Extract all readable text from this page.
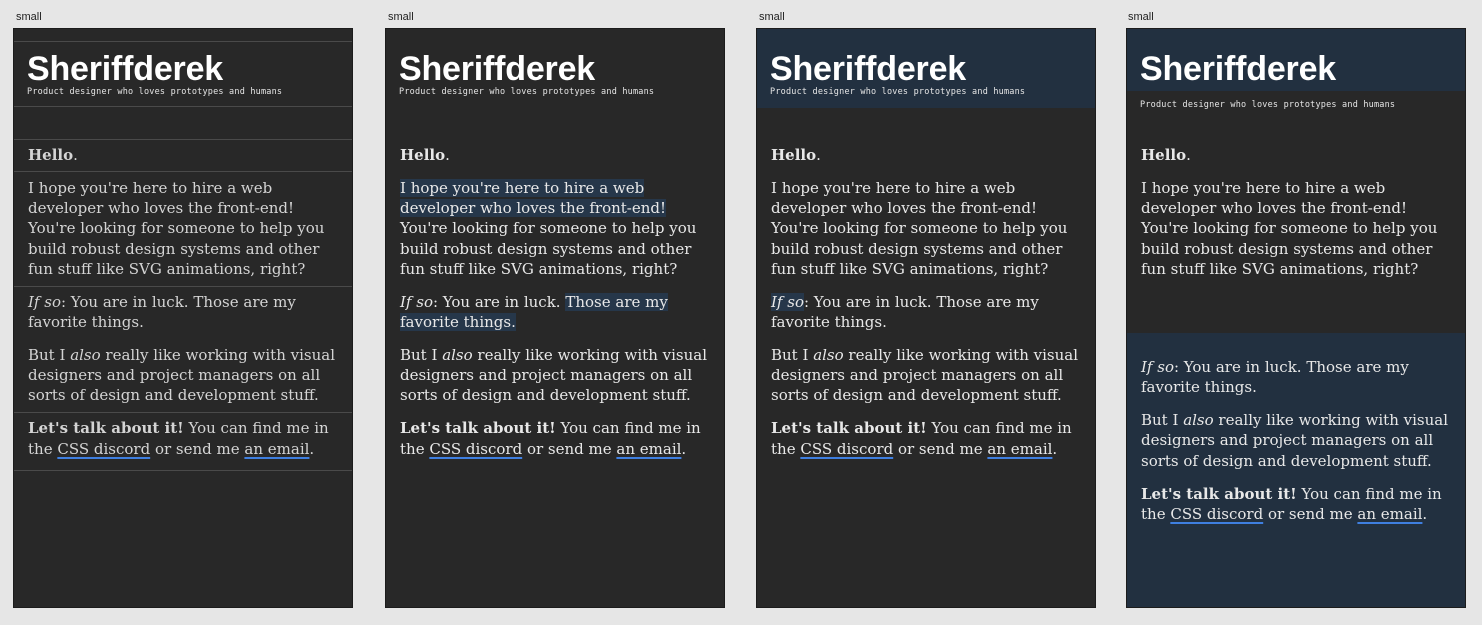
small	small	small	small
Sheriffderek
Product designer who loves prototypes and humans

Hello.

I hope you're here to hire a web developer who loves the front-end! You're looking for someone to help you build robust design systems and other fun stuff like SVG animations, right?

If so: You are in luck. Those are my favorite things.

But I also really like working with visual designers and project managers on all sorts of design and development stuff.

Let's talk about it! You can find me in the CSS discord or send me an email.

Sheriffderek
Product designer who loves prototypes and humans

Hello.

I hope you're here to hire a web developer who loves the front-end! You're looking for someone to help you build robust design systems and other fun stuff like SVG animations, right?

If so: You are in luck. Those are my favorite things.

But I also really like working with visual designers and project managers on all sorts of design and development stuff.

Let's talk about it! You can find me in the CSS discord or send me an email.

Sheriffderek
Product designer who loves prototypes and humans

Hello.

I hope you're here to hire a web developer who loves the front-end! You're looking for someone to help you build robust design systems and other fun stuff like SVG animations, right?

If so: You are in luck. Those are my favorite things.

But I also really like working with visual designers and project managers on all sorts of design and development stuff.

Let's talk about it! You can find me in the CSS discord or send me an email.

Sheriffderek
Product designer who loves prototypes and humans

Hello.

I hope you're here to hire a web developer who loves the front-end! You're looking for someone to help you build robust design systems and other fun stuff like SVG animations, right?

If so: You are in luck. Those are my favorite things.

But I also really like working with visual designers and project managers on all sorts of design and development stuff.

Let's talk about it! You can find me in the CSS discord or send me an email.
